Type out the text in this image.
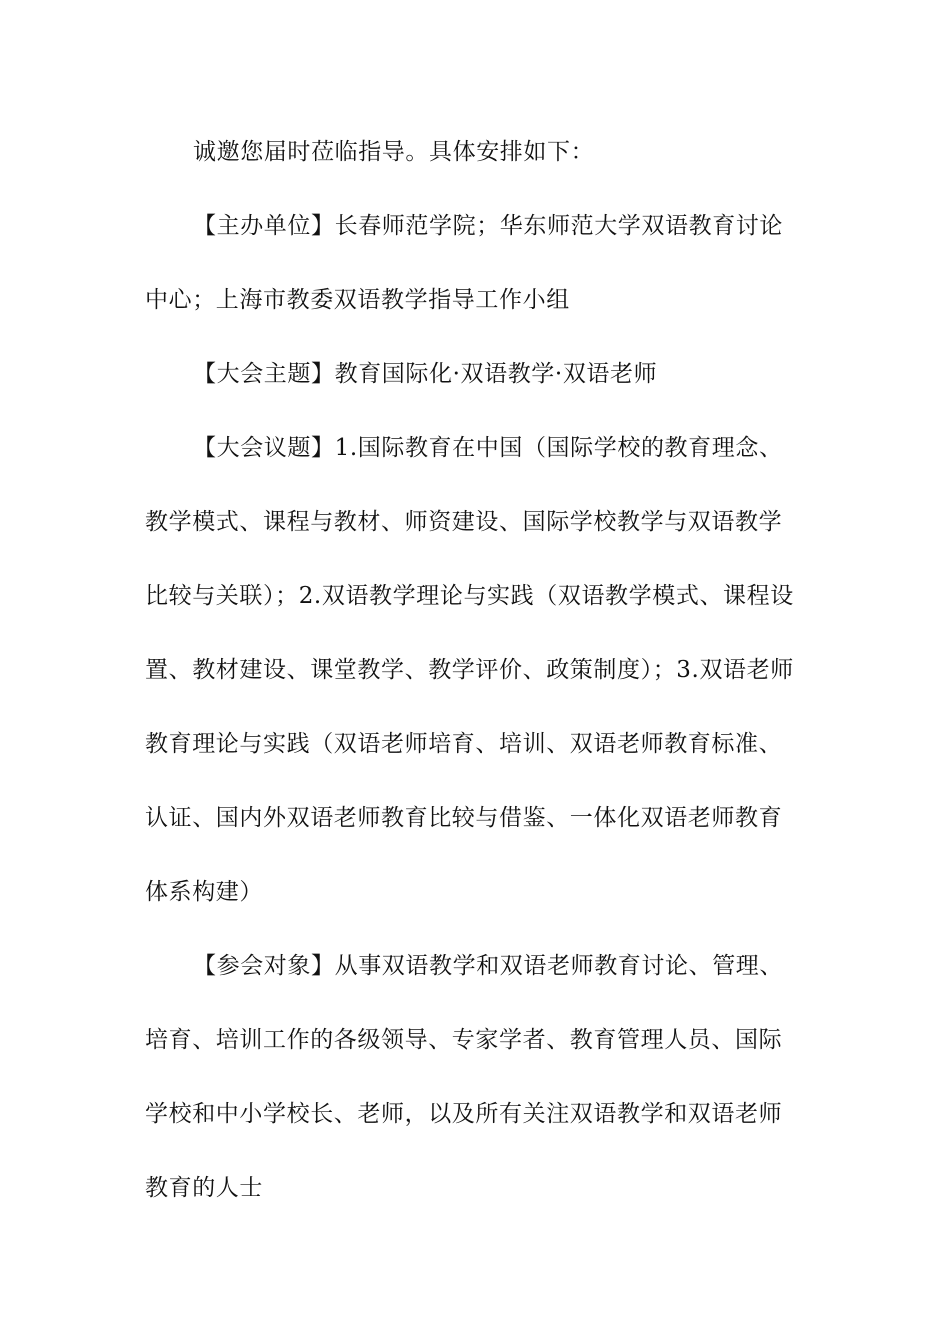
诚邀您届时莅临指导。具体安排如下：

【主办单位】长春师范学院；华东师范大学双语教育讨论中心；上海市教委双语教学指导工作小组

【大会主题】教育国际化·双语教学·双语老师

【大会议题】1.国际教育在中国（国际学校的教育理念、教学模式、课程与教材、师资建设、国际学校教学与双语教学比较与关联）；2.双语教学理论与实践（双语教学模式、课程设置、教材建设、课堂教学、教学评价、政策制度）；3.双语老师教育理论与实践（双语老师培育、培训、双语老师教育标准、认证、国内外双语老师教育比较与借鉴、一体化双语老师教育体系构建）

【参会对象】从事双语教学和双语老师教育讨论、管理、培育、培训工作的各级领导、专家学者、教育管理人员、国际学校和中小学校长、老师，以及所有关注双语教学和双语老师教育的人士
